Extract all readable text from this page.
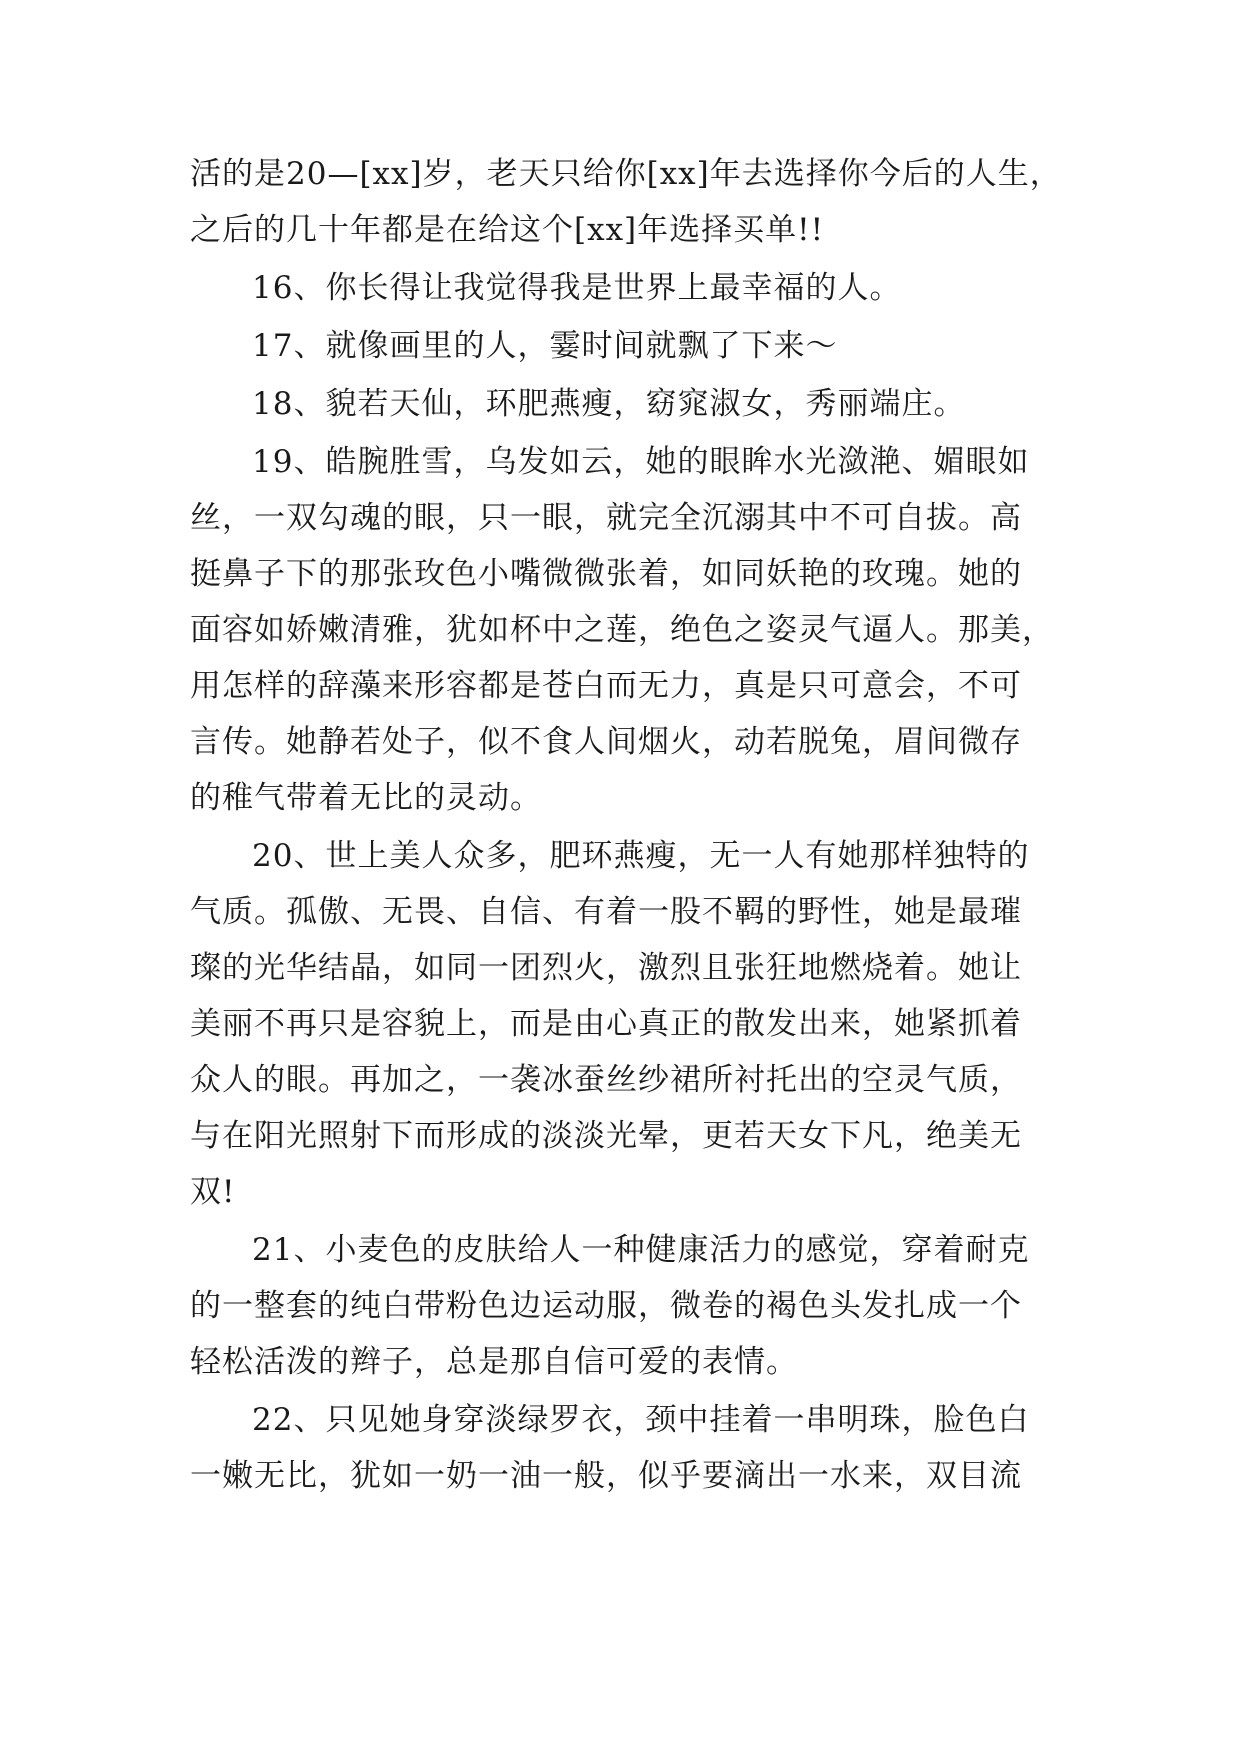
活的是20—[xx]岁，老天只给你[xx]年去选择你今后的人生，
之后的几十年都是在给这个[xx]年选择买单!!
16、你长得让我觉得我是世界上最幸福的人。
17、就像画里的人，霎时间就飘了下来～
18、貌若天仙，环肥燕瘦，窈窕淑女，秀丽端庄。
19、皓腕胜雪，乌发如云，她的眼眸水光潋滟、媚眼如
丝，一双勾魂的眼，只一眼，就完全沉溺其中不可自拔。高
挺鼻子下的那张玫色小嘴微微张着，如同妖艳的玫瑰。她的
面容如娇嫩清雅，犹如杯中之莲，绝色之姿灵气逼人。那美，
用怎样的辞藻来形容都是苍白而无力，真是只可意会，不可
言传。她静若处子，似不食人间烟火，动若脱兔，眉间微存
的稚气带着无比的灵动。
20、世上美人众多，肥环燕瘦，无一人有她那样独特的
气质。孤傲、无畏、自信、有着一股不羁的野性，她是最璀
璨的光华结晶，如同一团烈火，激烈且张狂地燃烧着。她让
美丽不再只是容貌上，而是由心真正的散发出来，她紧抓着
众人的眼。再加之，一袭冰蚕丝纱裙所衬托出的空灵气质，
与在阳光照射下而形成的淡淡光晕，更若天女下凡，绝美无
双!
21、小麦色的皮肤给人一种健康活力的感觉，穿着耐克
的一整套的纯白带粉色边运动服，微卷的褐色头发扎成一个
轻松活泼的辫子，总是那自信可爱的表情。
22、只见她身穿淡绿罗衣，颈中挂着一串明珠，脸色白
一嫩无比，犹如一奶一油一般，似乎要滴出一水来，双目流
